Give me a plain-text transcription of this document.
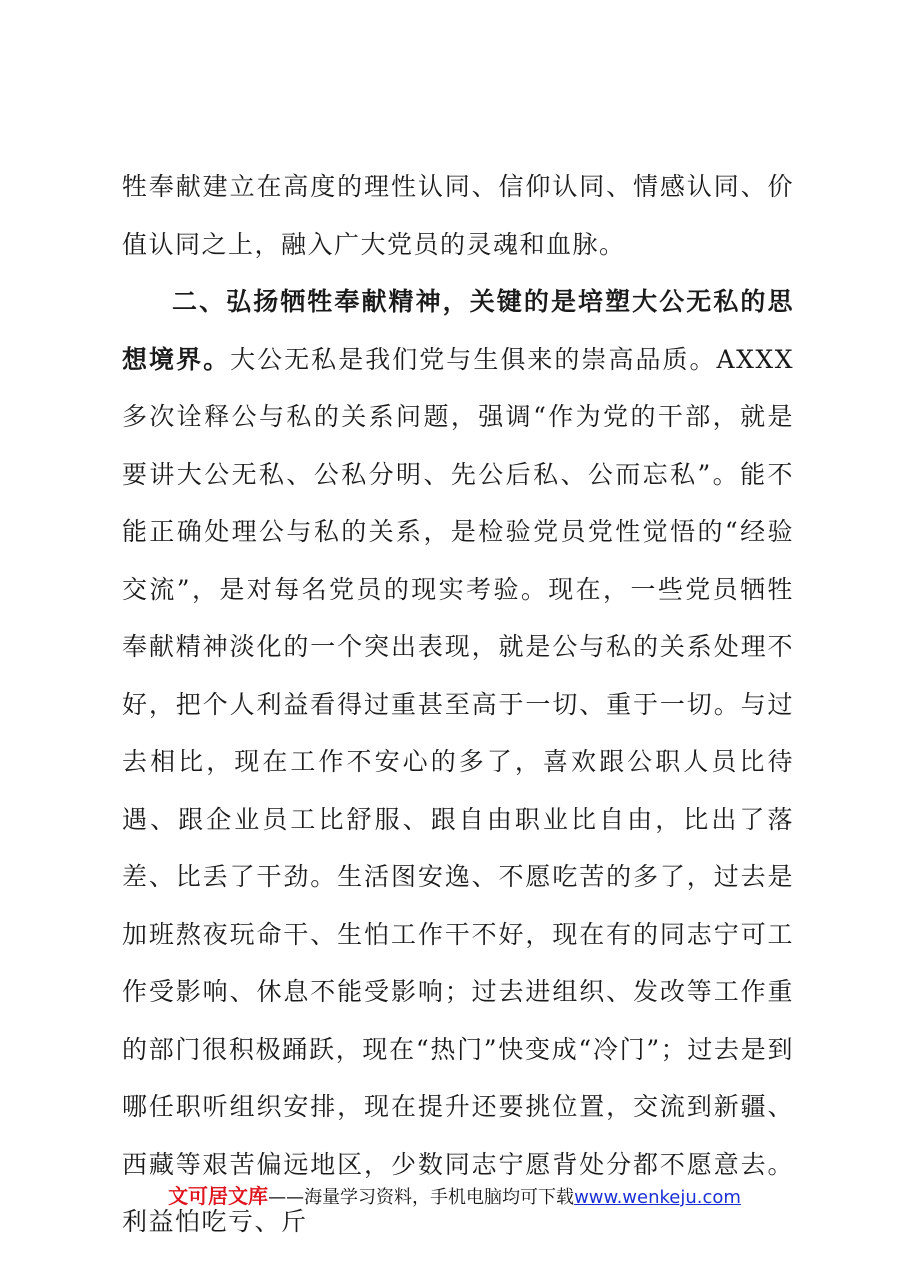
牲奉献建立在高度的理性认同、信仰认同、情感认同、价值认同之上，融入广大党员的灵魂和血脉。

二、弘扬牺牲奉献精神，关键的是培塑大公无私的思想境界。大公无私是我们党与生俱来的崇高品质。AXXX多次诠释公与私的关系问题，强调“作为党的干部，就是要讲大公无私、公私分明、先公后私、公而忘私”。能不能正确处理公与私的关系，是检验党员党性觉悟的“经验交流”，是对每名党员的现实考验。现在，一些党员牺牲奉献精神淡化的一个突出表现，就是公与私的关系处理不好，把个人利益看得过重甚至高于一切、重于一切。与过去相比，现在工作不安心的多了，喜欢跟公职人员比待遇、跟企业员工比舒服、跟自由职业比自由，比出了落差、比丢了干劲。生活图安逸、不愿吃苦的多了，过去是加班熬夜玩命干、生怕工作干不好，现在有的同志宁可工作受影响、休息不能受影响；过去进组织、发改等工作重的部门很积极踊跃，现在“热门”快变成“冷门”；过去是到哪任职听组织安排，现在提升还要挑位置，交流到新疆、西藏等艰苦偏远地区，少数同志宁愿背处分都不愿意去。利益怕吃亏、斤

文可居文库——海量学习资料，手机电脑均可下载www.wenkeju.com
